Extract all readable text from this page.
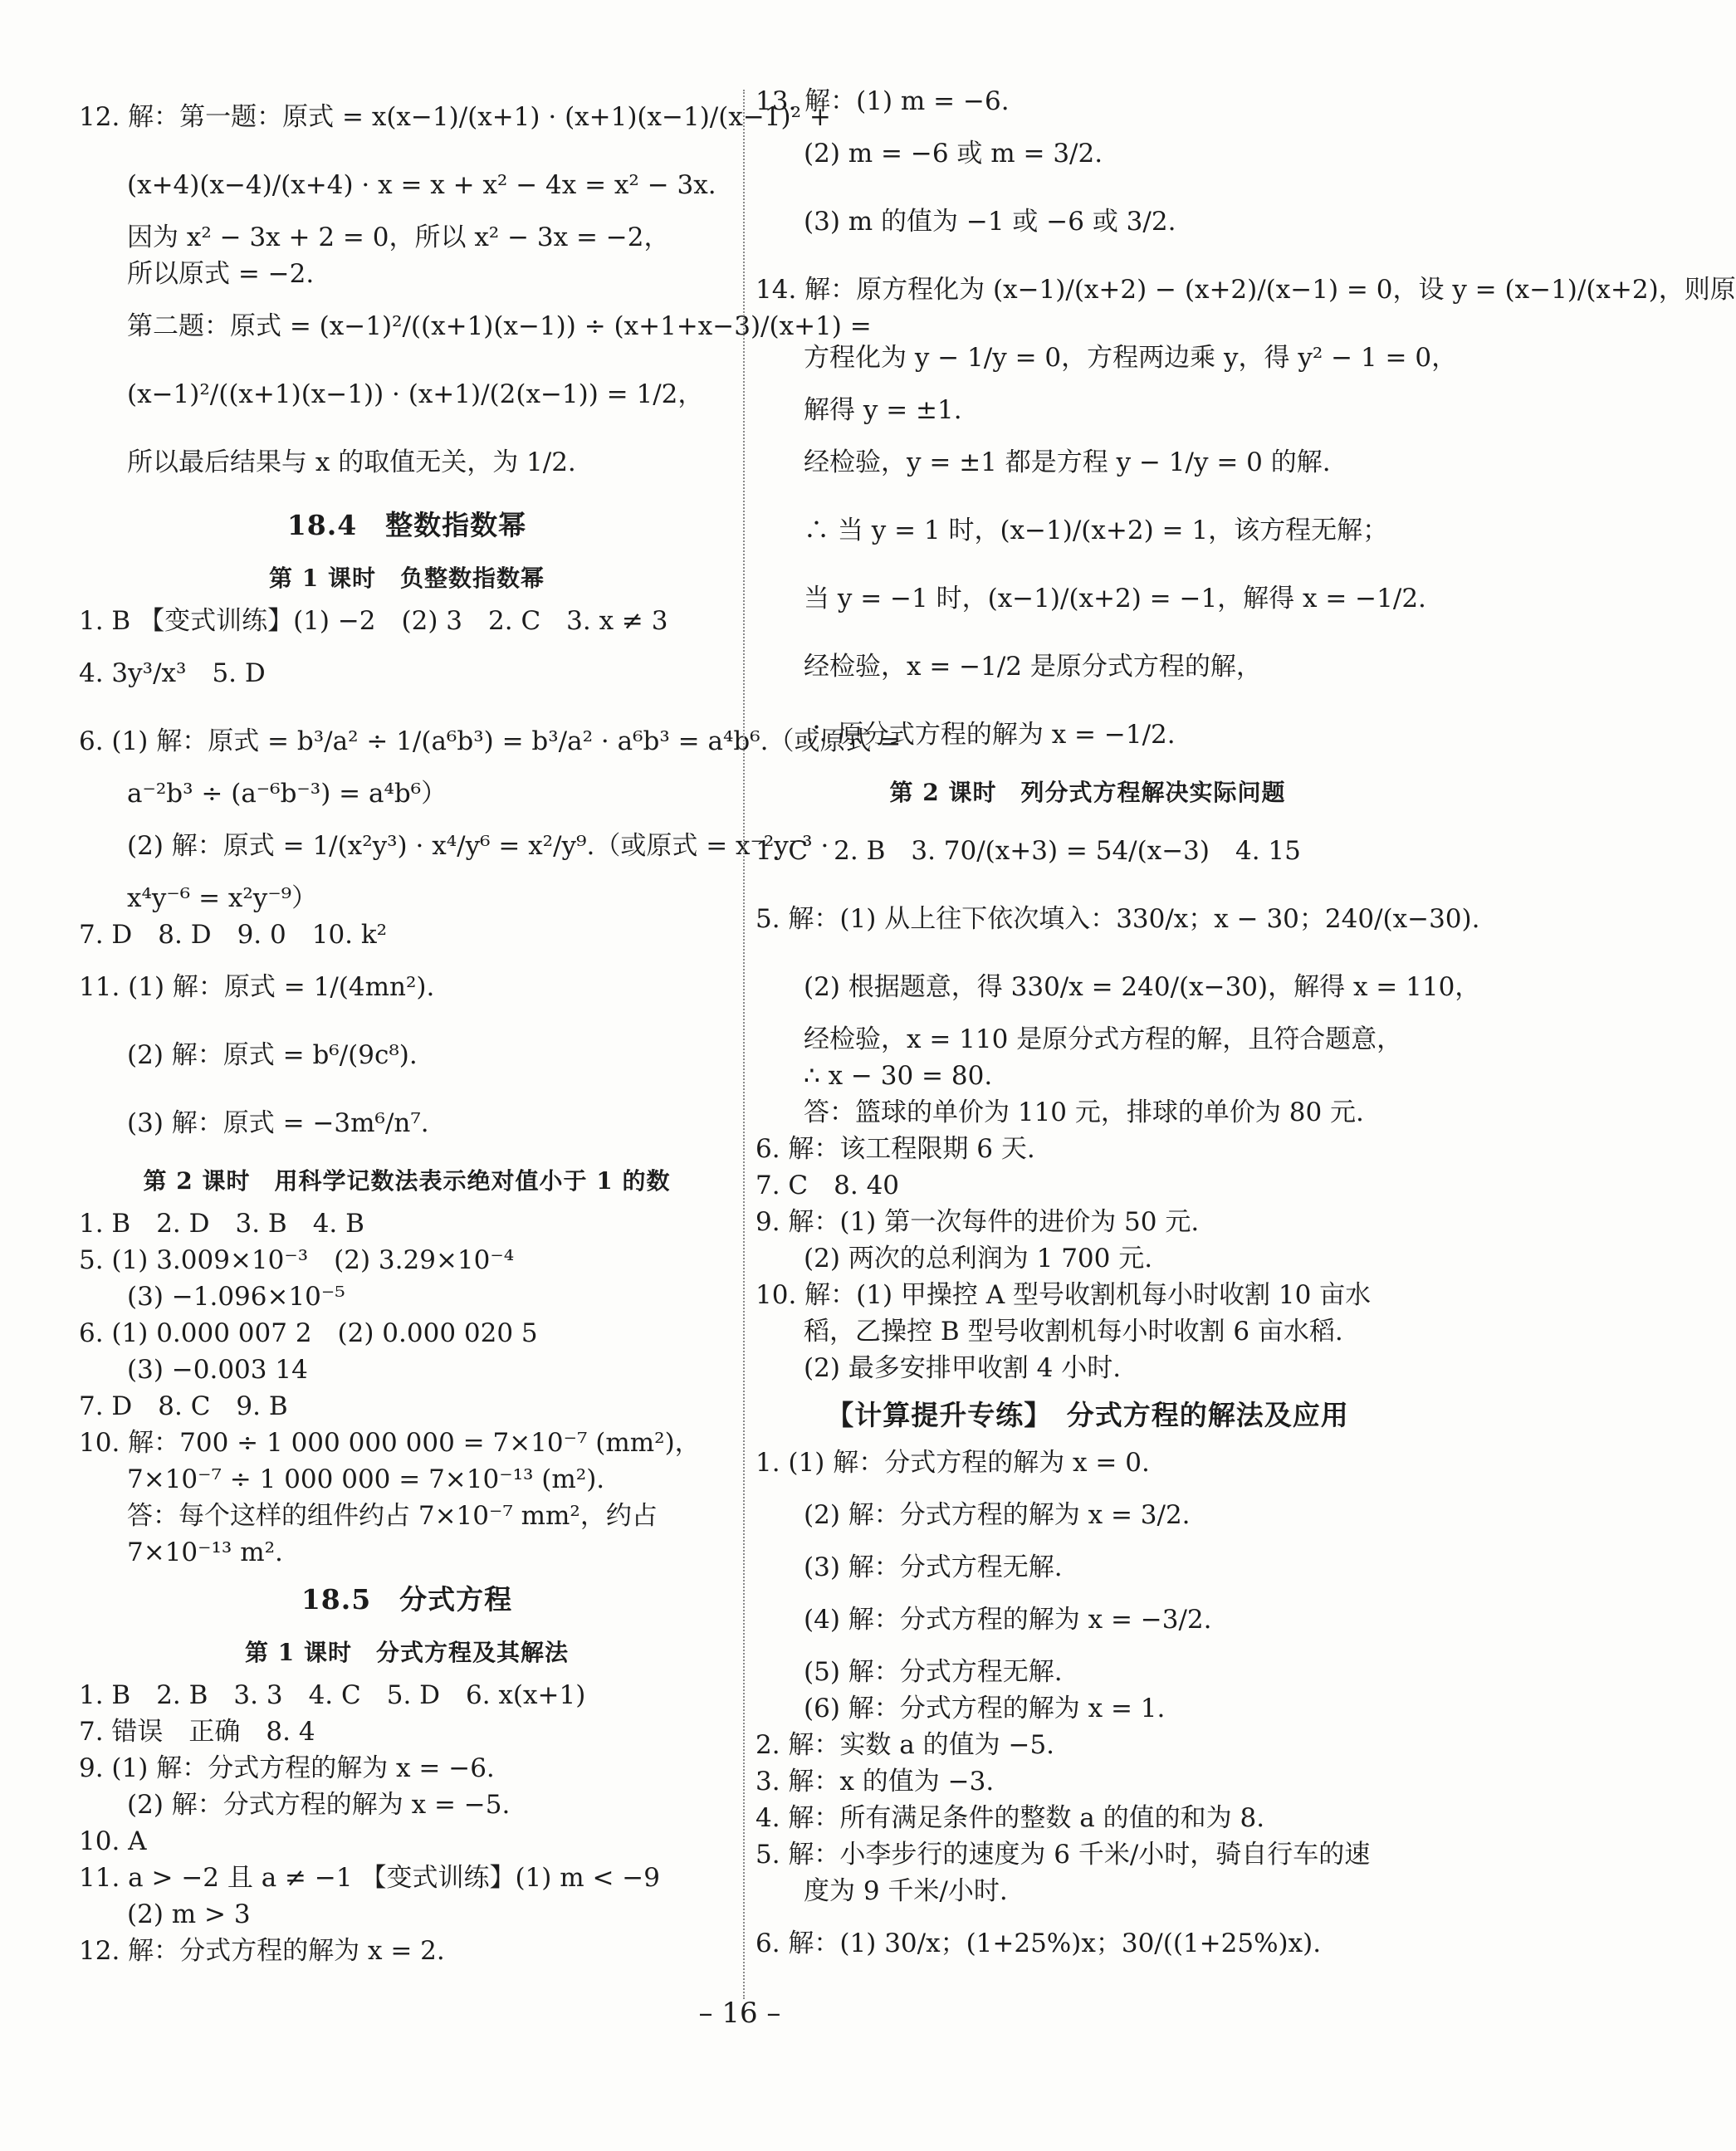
12. 解：第一题：原式 = x(x−1)/(x+1) · (x+1)(x−1)/(x−1)² +
(x+4)(x−4)/(x+4) · x = x + x² − 4x = x² − 3x.
因为 x² − 3x + 2 = 0，所以 x² − 3x = −2，
所以原式 = −2.
第二题：原式 = (x−1)²/((x+1)(x−1)) ÷ (x+1+x−3)/(x+1) =
(x−1)²/((x+1)(x−1)) · (x+1)/(2(x−1)) = 1/2，
所以最后结果与 x 的取值无关，为 1/2.
18.4　整数指数幂
第 1 课时　负整数指数幂
1. B 【变式训练】(1) −2　(2) 3　2. C　3. x ≠ 3
4. 3y³/x³　5. D
6. (1) 解：原式 = b³/a² ÷ 1/(a⁶b³) = b³/a² · a⁶b³ = a⁴b⁶.（或原式 =
a⁻²b³ ÷ (a⁻⁶b⁻³) = a⁴b⁶）
(2) 解：原式 = 1/(x²y³) · x⁴/y⁶ = x²/y⁹.（或原式 = x⁻²y⁻³ ·
x⁴y⁻⁶ = x²y⁻⁹）
7. D　8. D　9. 0　10. k²
11. (1) 解：原式 = 1/(4mn²).
(2) 解：原式 = b⁶/(9c⁸).
(3) 解：原式 = −3m⁶/n⁷.
第 2 课时　用科学记数法表示绝对值小于 1 的数
1. B　2. D　3. B　4. B
5. (1) 3.009×10⁻³　(2) 3.29×10⁻⁴
(3) −1.096×10⁻⁵
6. (1) 0.000 007 2　(2) 0.000 020 5
(3) −0.003 14
7. D　8. C　9. B
10. 解：700 ÷ 1 000 000 000 = 7×10⁻⁷ (mm²)，
7×10⁻⁷ ÷ 1 000 000 = 7×10⁻¹³ (m²).
答：每个这样的组件约占 7×10⁻⁷ mm²，约占
7×10⁻¹³ m².
18.5　分式方程
第 1 课时　分式方程及其解法
1. B　2. B　3. 3　4. C　5. D　6. x(x+1)
7. 错误　正确　8. 4
9. (1) 解：分式方程的解为 x = −6.
(2) 解：分式方程的解为 x = −5.
10. A
11. a > −2 且 a ≠ −1 【变式训练】(1) m < −9
(2) m > 3
12. 解：分式方程的解为 x = 2.
13. 解：(1) m = −6.
(2) m = −6 或 m = 3/2.
(3) m 的值为 −1 或 −6 或 3/2.
14. 解：原方程化为 (x−1)/(x+2) − (x+2)/(x−1) = 0，设 y = (x−1)/(x+2)，则原
方程化为 y − 1/y = 0，方程两边乘 y，得 y² − 1 = 0，
解得 y = ±1.
经检验，y = ±1 都是方程 y − 1/y = 0 的解.
∴ 当 y = 1 时，(x−1)/(x+2) = 1，该方程无解；
当 y = −1 时，(x−1)/(x+2) = −1，解得 x = −1/2.
经检验，x = −1/2 是原分式方程的解，
∴ 原分式方程的解为 x = −1/2.
第 2 课时　列分式方程解决实际问题
1. C　2. B　3. 70/(x+3) = 54/(x−3)　4. 15
5. 解：(1) 从上往下依次填入：330/x；x − 30；240/(x−30).
(2) 根据题意，得 330/x = 240/(x−30)，解得 x = 110，
经检验，x = 110 是原分式方程的解，且符合题意，
∴ x − 30 = 80.
答：篮球的单价为 110 元，排球的单价为 80 元.
6. 解：该工程限期 6 天.
7. C　8. 40
9. 解：(1) 第一次每件的进价为 50 元.
(2) 两次的总利润为 1 700 元.
10. 解：(1) 甲操控 A 型号收割机每小时收割 10 亩水
稻，乙操控 B 型号收割机每小时收割 6 亩水稻.
(2) 最多安排甲收割 4 小时.
【计算提升专练】　分式方程的解法及应用
1. (1) 解：分式方程的解为 x = 0.
(2) 解：分式方程的解为 x = 3/2.
(3) 解：分式方程无解.
(4) 解：分式方程的解为 x = −3/2.
(5) 解：分式方程无解.
(6) 解：分式方程的解为 x = 1.
2. 解：实数 a 的值为 −5.
3. 解：x 的值为 −3.
4. 解：所有满足条件的整数 a 的值的和为 8.
5. 解：小李步行的速度为 6 千米/小时，骑自行车的速
度为 9 千米/小时.
6. 解：(1) 30/x；(1+25%)x；30/((1+25%)x).
– 16 –
